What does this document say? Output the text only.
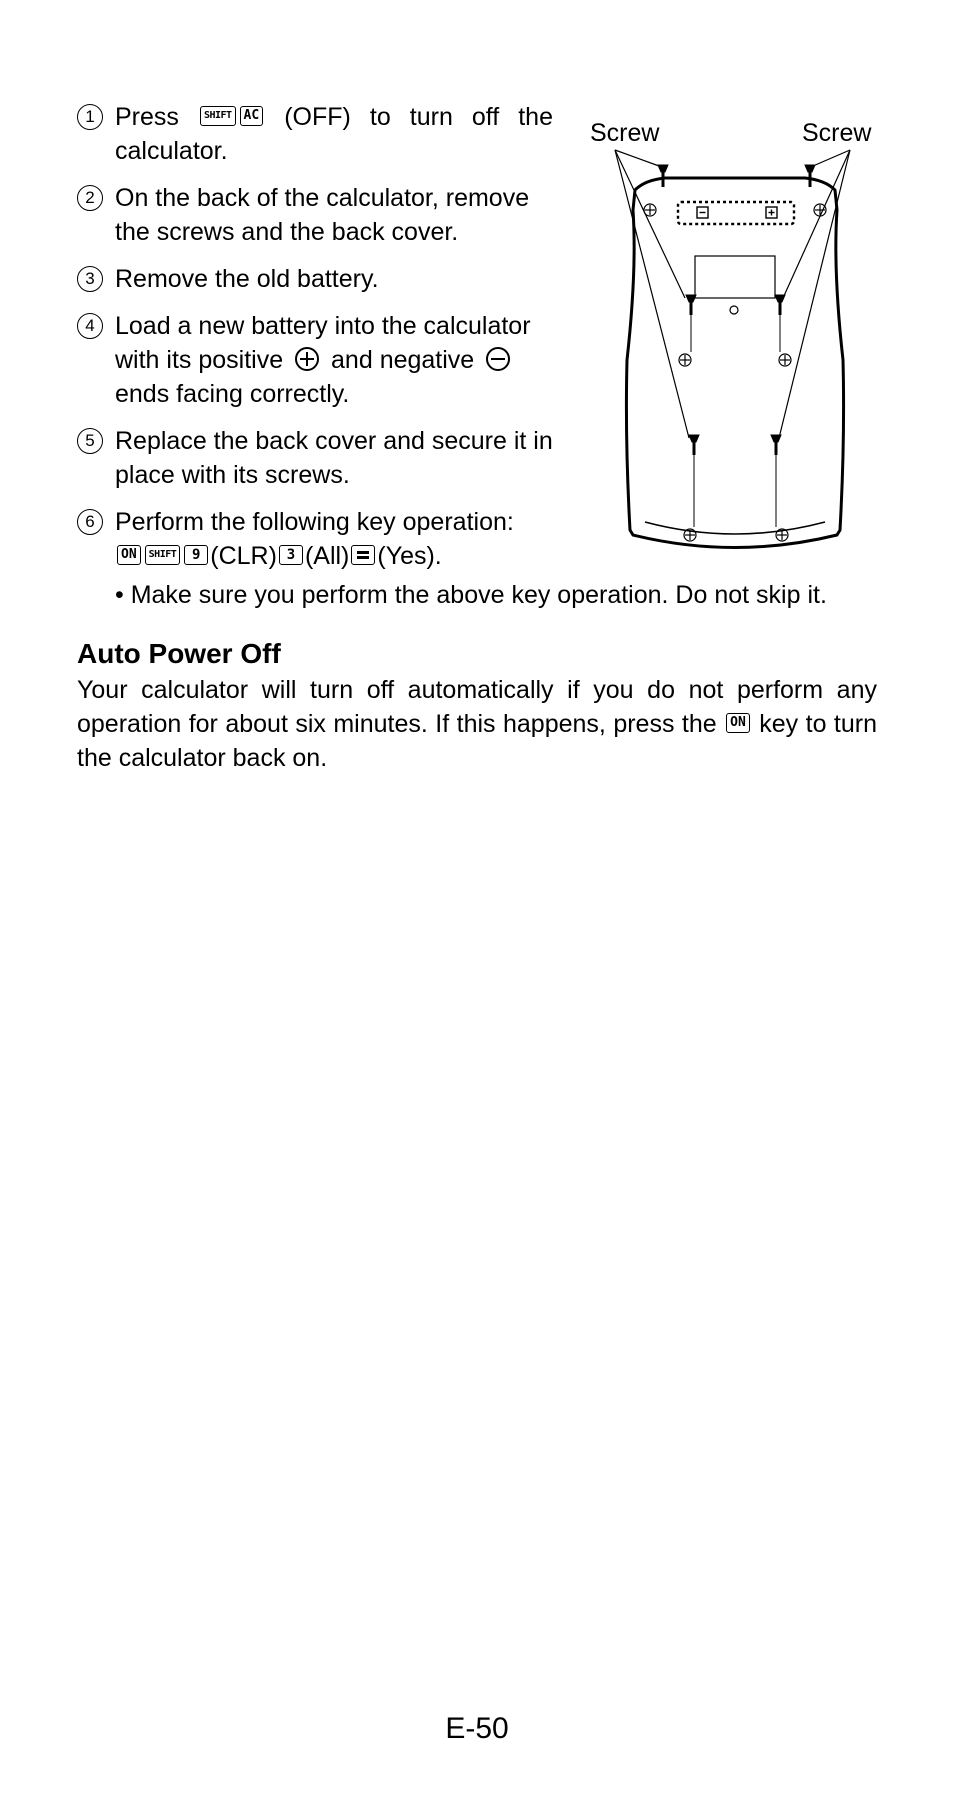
1 Press	SHIFT AC (OFF) to turn off the calculator.
2 On the back of the calculator, remove the screws and the back cover.
3 Remove the old battery.
4 Load a new battery into the calculator with its positive and negative  ends facing correctly.
5 Replace the back cover and secure it in place with its screws.
6 Perform the following key operation:
ON SHIFT 9 (CLR) 3 (All) (Yes).
• Make sure you perform the above key operation. Do not skip it.
Screw	Screw
Auto Power Off
Your calculator will turn off automatically if you do not perform any operation for about six minutes. If this happens, press the ON key to turn the calculator back on.
E-50
